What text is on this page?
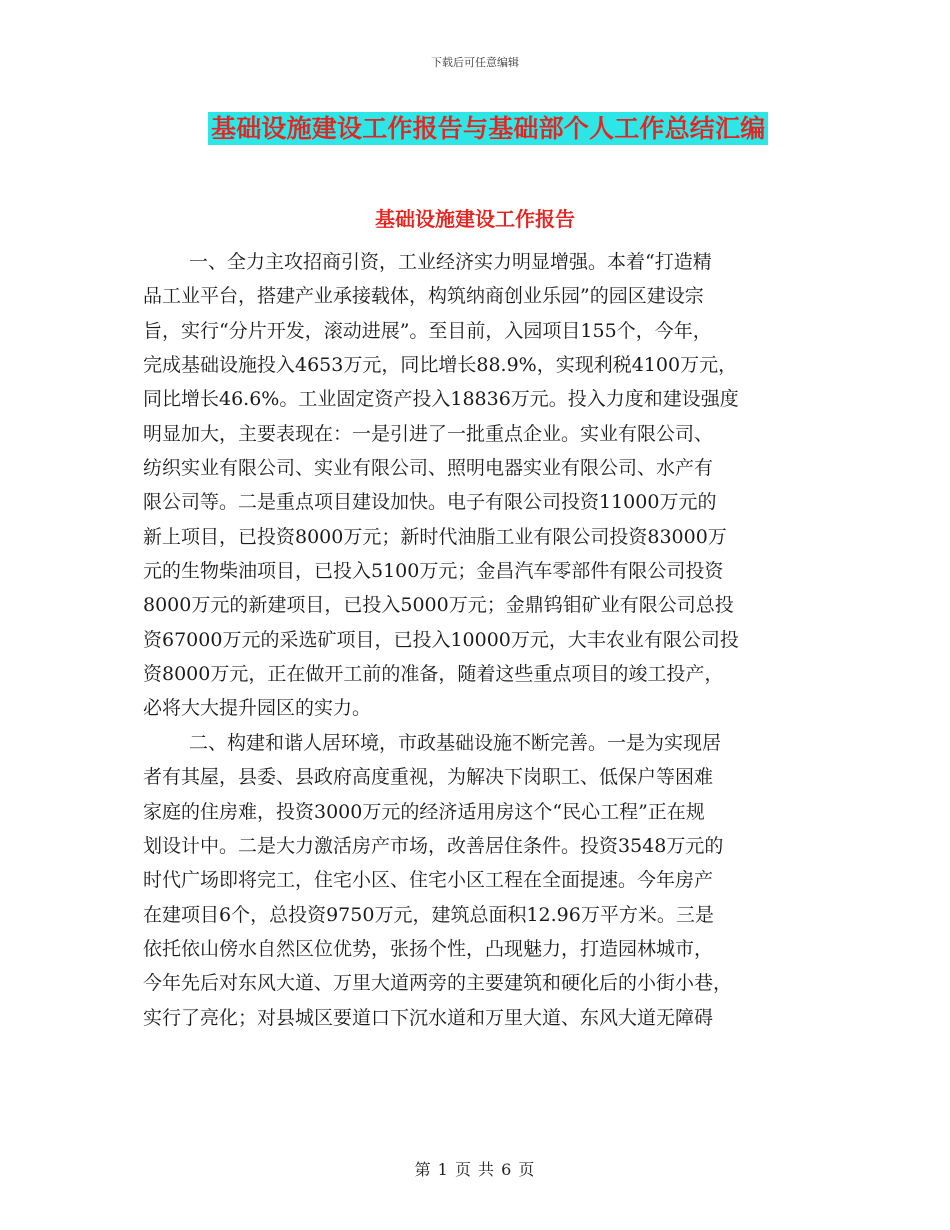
下载后可任意编辑
基础设施建设工作报告与基础部个人工作总结汇编
基础设施建设工作报告
一、全力主攻招商引资，工业经济实力明显增强。本着“打造精
品工业平台，搭建产业承接载体，构筑纳商创业乐园”的园区建设宗
旨，实行“分片开发，滚动进展”。至目前，入园项目155个，今年，
完成基础设施投入4653万元，同比增长88.9%，实现利税4100万元，
同比增长46.6%。工业固定资产投入18836万元。投入力度和建设强度
明显加大，主要表现在：一是引进了一批重点企业。实业有限公司、
纺织实业有限公司、实业有限公司、照明电器实业有限公司、水产有
限公司等。二是重点项目建设加快。电子有限公司投资11000万元的
新上项目，已投资8000万元；新时代油脂工业有限公司投资83000万
元的生物柴油项目，已投入5100万元；金昌汽车零部件有限公司投资
8000万元的新建项目，已投入5000万元；金鼎钨钼矿业有限公司总投
资67000万元的采选矿项目，已投入10000万元，大丰农业有限公司投
资8000万元，正在做开工前的准备，随着这些重点项目的竣工投产，
必将大大提升园区的实力。
二、构建和谐人居环境，市政基础设施不断完善。一是为实现居
者有其屋，县委、县政府高度重视，为解决下岗职工、低保户等困难
家庭的住房难，投资3000万元的经济适用房这个“民心工程”正在规
划设计中。二是大力激活房产市场，改善居住条件。投资3548万元的
时代广场即将完工，住宅小区、住宅小区工程在全面提速。今年房产
在建项目6个，总投资9750万元，建筑总面积12.96万平方米。三是
依托依山傍水自然区位优势，张扬个性，凸现魅力，打造园林城市，
今年先后对东风大道、万里大道两旁的主要建筑和硬化后的小街小巷，
实行了亮化；对县城区要道口下沉水道和万里大道、东风大道无障碍
第 1 页 共 6 页
